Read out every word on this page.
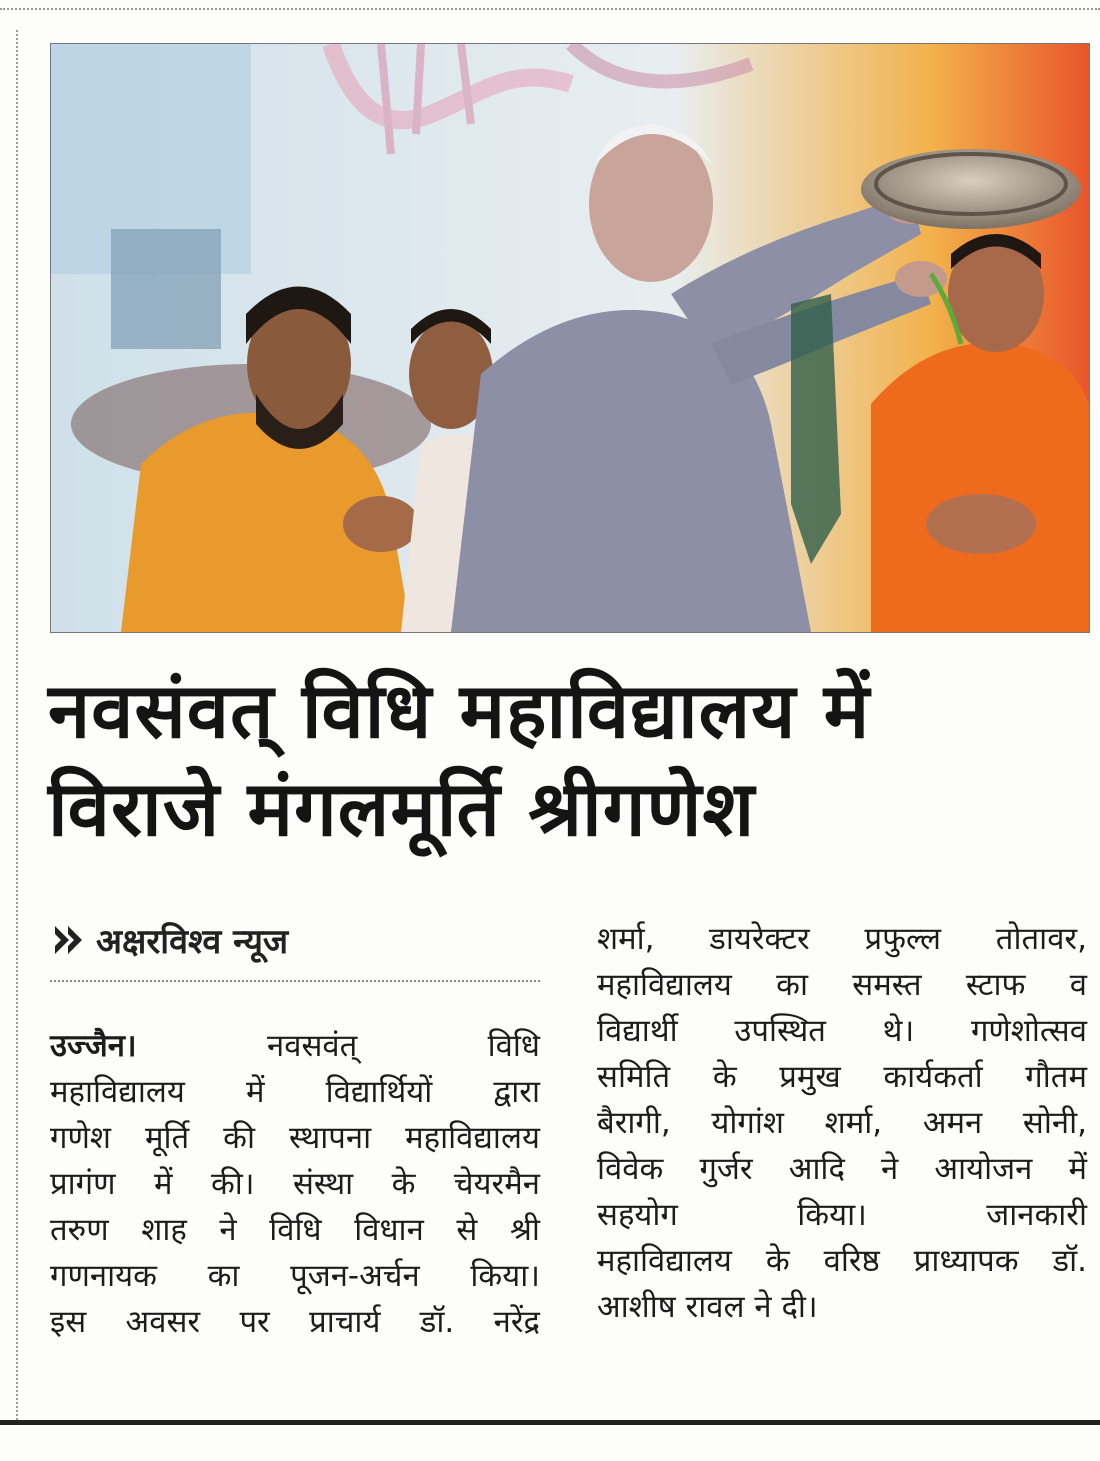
नवसंवत् विधि महाविद्यालय में
विराजे मंगलमूर्ति श्रीगणेश
अक्षरविश्व न्यूज
उज्जैन।	नवसवंत्	विधि
महाविद्यालय में विद्यार्थियों द्वारा
गणेश मूर्ति की स्थापना महाविद्यालय
प्रागंण में की। संस्था के चेयरमैन
तरुण शाह ने विधि विधान से श्री
गणनायक का पूजन-अर्चन किया।
इस अवसर पर प्राचार्य डॉ. नरेंद्र
शर्मा, डायरेक्टर प्रफुल्ल तोतावर,
महाविद्यालय का समस्त स्टाफ व
विद्यार्थी उपस्थित थे। गणेशोत्सव
समिति के प्रमुख कार्यकर्ता गौतम
बैरागी, योगांश शर्मा, अमन सोनी,
विवेक गुर्जर आदि ने आयोजन में
सहयोग	किया।	जानकारी
महाविद्यालय के वरिष्ठ प्राध्यापक डॉ.
आशीष रावल ने दी।
